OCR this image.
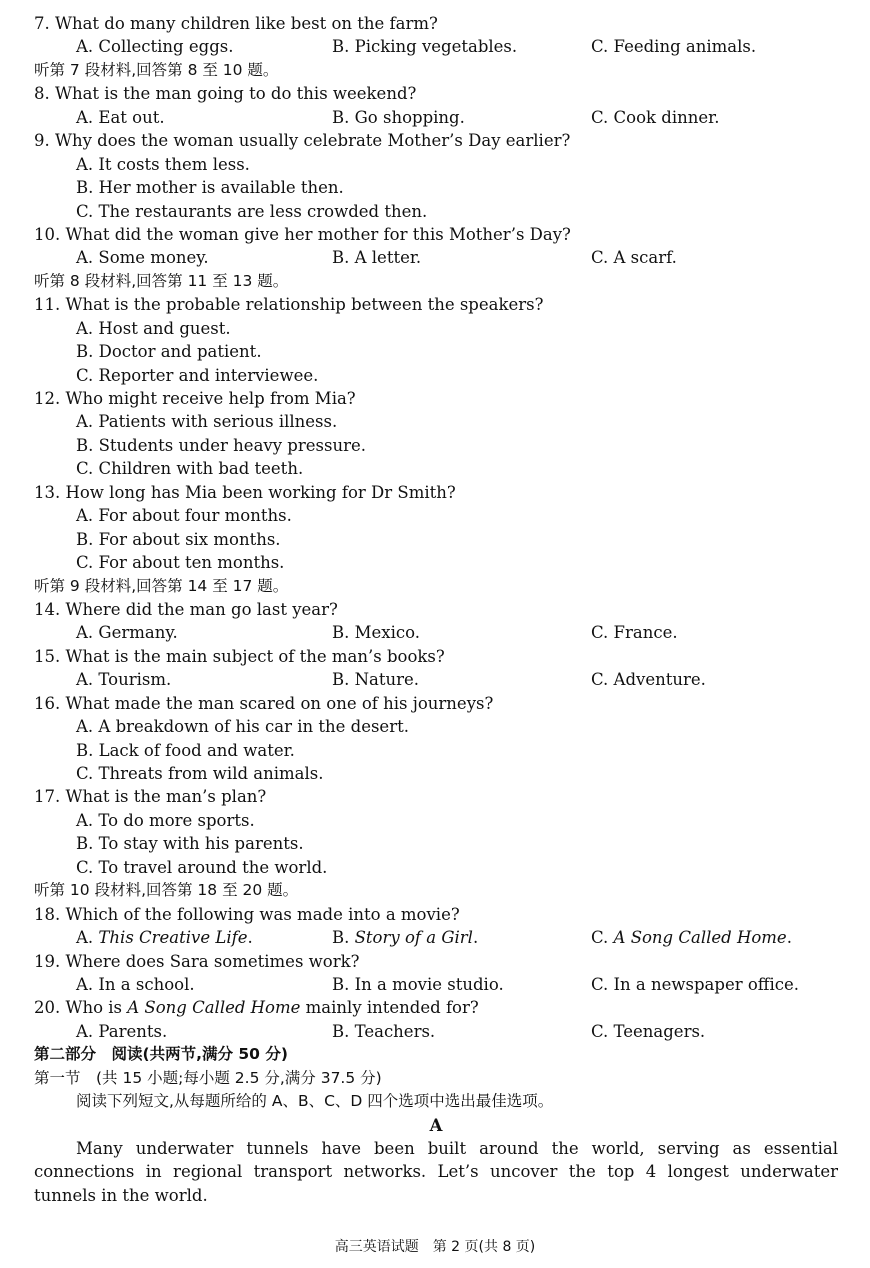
7. What do many children like best on the farm?
A. Collecting eggs.	B. Picking vegetables.	C. Feeding animals.
听第 7 段材料,回答第 8 至 10 题。
8. What is the man going to do this weekend?
A. Eat out.	B. Go shopping.	C. Cook dinner.
9. Why does the woman usually celebrate Mother’s Day earlier?
A. It costs them less.
B. Her mother is available then.
C. The restaurants are less crowded then.
10. What did the woman give her mother for this Mother’s Day?
A. Some money.	B. A letter.	C. A scarf.
听第 8 段材料,回答第 11 至 13 题。
11. What is the probable relationship between the speakers?
A. Host and guest.
B. Doctor and patient.
C. Reporter and interviewee.
12. Who might receive help from Mia?
A. Patients with serious illness.
B. Students under heavy pressure.
C. Children with bad teeth.
13. How long has Mia been working for Dr Smith?
A. For about four months.
B. For about six months.
C. For about ten months.
听第 9 段材料,回答第 14 至 17 题。
14. Where did the man go last year?
A. Germany.	B. Mexico.	C. France.
15. What is the main subject of the man’s books?
A. Tourism.	B. Nature.	C. Adventure.
16. What made the man scared on one of his journeys?
A. A breakdown of his car in the desert.
B. Lack of food and water.
C. Threats from wild animals.
17. What is the man’s plan?
A. To do more sports.
B. To stay with his parents.
C. To travel around the world.
听第 10 段材料,回答第 18 至 20 题。
18. Which of the following was made into a movie?
A. This Creative Life.	B. Story of a Girl.	C. A Song Called Home.
19. Where does Sara sometimes work?
A. In a school.	B. In a movie studio.	C. In a newspaper office.
20. Who is A Song Called Home mainly intended for?
A. Parents.	B. Teachers.	C. Teenagers.
第二部分　阅读(共两节,满分 50 分)
第一节　(共 15 小题;每小题 2.5 分,满分 37.5 分)
阅读下列短文,从每题所给的 A、B、C、D 四个选项中选出最佳选项。
A
Many underwater tunnels have been built around the world, serving as essential
connections in regional transport networks. Let’s uncover the top 4 longest underwater
tunnels in the world.
高三英语试题　第 2 页(共 8 页)
